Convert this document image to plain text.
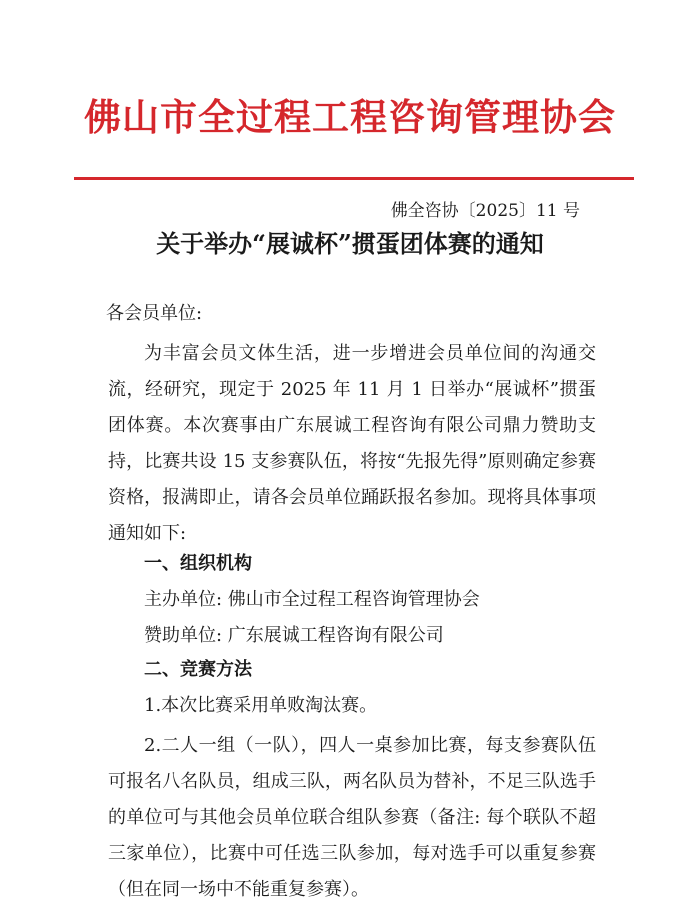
佛山市全过程工程咨询管理协会
佛全咨协〔2025〕11 号
关于举办“展诚杯”掼蛋团体赛的通知
各会员单位:
为丰富会员文体生活，进一步增进会员单位间的沟通交流，经研究，现定于 2025 年 11 月 1 日举办“展诚杯”掼蛋团体赛。本次赛事由广东展诚工程咨询有限公司鼎力赞助支持，比赛共设 15 支参赛队伍，将按“先报先得”原则确定参赛资格，报满即止，请各会员单位踊跃报名参加。现将具体事项通知如下:
一、组织机构
主办单位: 佛山市全过程工程咨询管理协会
赞助单位: 广东展诚工程咨询有限公司
二、竞赛方法
1.本次比赛采用单败淘汰赛。
2.二人一组（一队），四人一桌参加比赛，每支参赛队伍可报名八名队员，组成三队，两名队员为替补，不足三队选手的单位可与其他会员单位联合组队参赛（备注: 每个联队不超三家单位），比赛中可任选三队参加，每对选手可以重复参赛（但在同一场中不能重复参赛）。
